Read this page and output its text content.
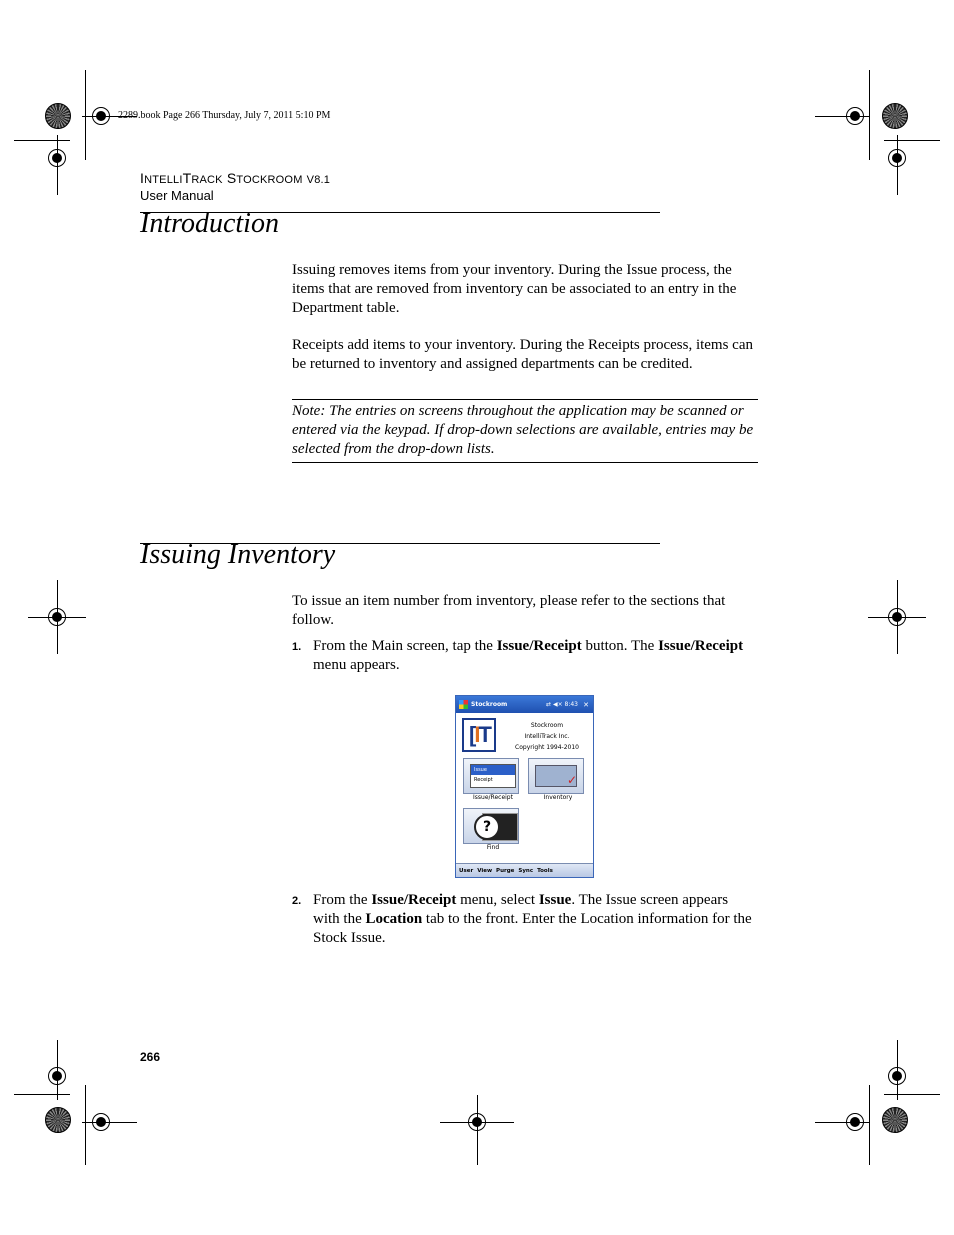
2289.book Page 266 Thursday, July 7, 2011 5:10 PM
INTELLITRACK STOCKROOM V8.1
User Manual
Introduction

Issuing removes items from your inventory. During the Issue process, the items that are removed from inventory can be associated to an entry in the Department table.

Receipts add items to your inventory. During the Receipts process, items can be returned to inventory and assigned departments can be credited.

Note: The entries on screens throughout the application may be scanned or entered via the keypad. If drop-down selections are available, entries may be selected from the drop-down lists.

Issuing Inventory

To issue an item number from inventory, please refer to the sections that follow.

1. From the Main screen, tap the Issue/Receipt button. The Issue/Receipt menu appears.

Stockroom	⇄ ◀× 8:43 ✕
[IT	Stockroom
IntelliTrack Inc.
Copyright 1994-2010
Issue
Receipt
Issue/Receipt
✓
Inventory
?
Find
User View Purge Sync Tools
2. From the Issue/Receipt menu, select Issue. The Issue screen appears with the Location tab to the front. Enter the Location information for the Stock Issue.

266
